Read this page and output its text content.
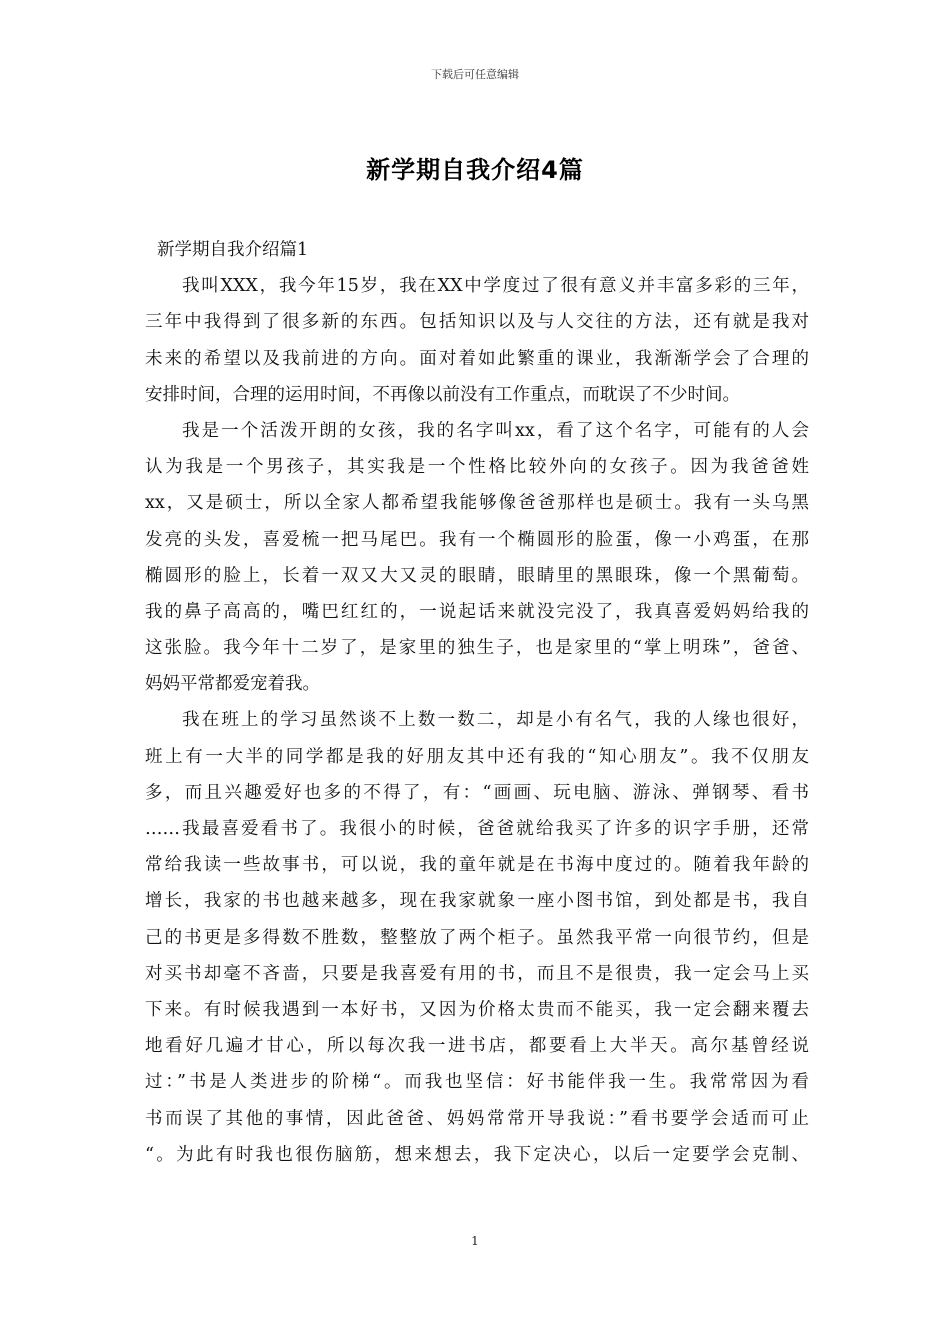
下载后可任意编辑
新学期自我介绍4篇
新学期自我介绍篇1
我叫XXX，我今年15岁，我在XX中学度过了很有意义并丰富多彩的三年，
三年中我得到了很多新的东西。包括知识以及与人交往的方法，还有就是我对
未来的希望以及我前进的方向。面对着如此繁重的课业，我渐渐学会了合理的
安排时间，合理的运用时间，不再像以前没有工作重点，而耽误了不少时间。
我是一个活泼开朗的女孩，我的名字叫xx，看了这个名字，可能有的人会
认为我是一个男孩子，其实我是一个性格比较外向的女孩子。因为我爸爸姓
xx，又是硕士，所以全家人都希望我能够像爸爸那样也是硕士。我有一头乌黑
发亮的头发，喜爱梳一把马尾巴。我有一个椭圆形的脸蛋，像一小鸡蛋，在那
椭圆形的脸上，长着一双又大又灵的眼睛，眼睛里的黑眼珠，像一个黑葡萄。
我的鼻子高高的，嘴巴红红的，一说起话来就没完没了，我真喜爱妈妈给我的
这张脸。我今年十二岁了，是家里的独生子，也是家里的“掌上明珠”，爸爸、
妈妈平常都爱宠着我。
我在班上的学习虽然谈不上数一数二，却是小有名气，我的人缘也很好，
班上有一大半的同学都是我的好朋友其中还有我的“知心朋友”。我不仅朋友
多，而且兴趣爱好也多的不得了，有：“画画、玩电脑、游泳、弹钢琴、看书
……我最喜爱看书了。我很小的时候，爸爸就给我买了许多的识字手册，还常
常给我读一些故事书，可以说，我的童年就是在书海中度过的。随着我年龄的
增长，我家的书也越来越多，现在我家就象一座小图书馆，到处都是书，我自
己的书更是多得数不胜数，整整放了两个柜子。虽然我平常一向很节约，但是
对买书却毫不吝啬，只要是我喜爱有用的书，而且不是很贵，我一定会马上买
下来。有时候我遇到一本好书，又因为价格太贵而不能买，我一定会翻来覆去
地看好几遍才甘心，所以每次我一进书店，都要看上大半天。高尔基曾经说
过：”书是人类进步的阶梯“。而我也坚信：好书能伴我一生。我常常因为看
书而误了其他的事情，因此爸爸、妈妈常常开导我说：”看书要学会适而可止
“。为此有时我也很伤脑筋，想来想去，我下定决心，以后一定要学会克制、
1
